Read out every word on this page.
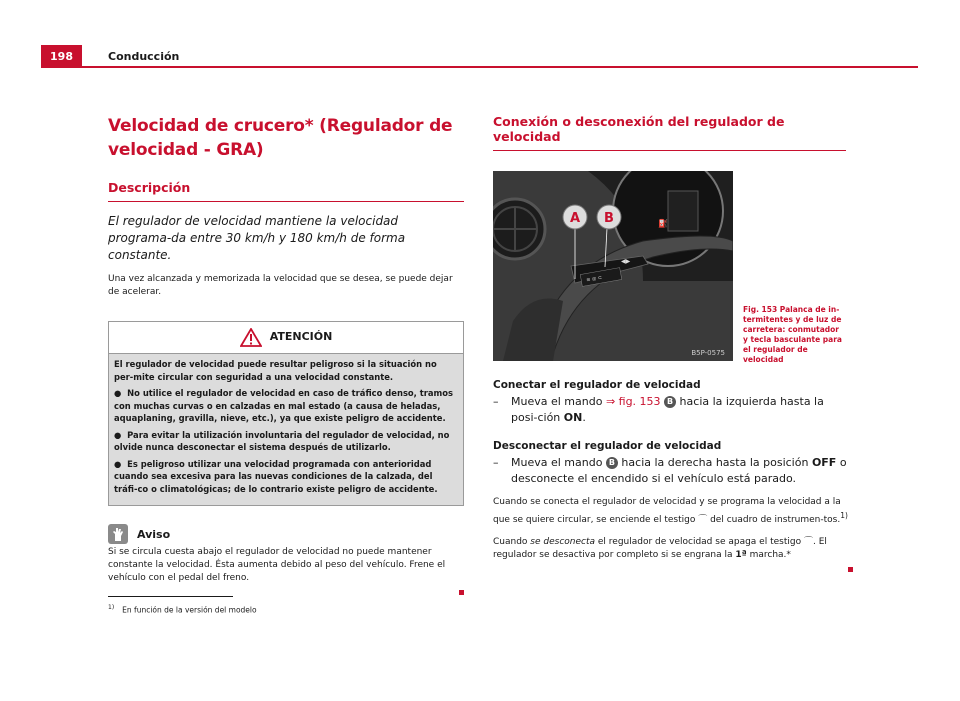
198	Conducción
Velocidad de crucero* (Regulador de velocidad - GRA)
Descripción
El regulador de velocidad mantiene la velocidad programa-da entre 30 km/h y 180 km/h de forma constante.
Una vez alcanzada y memorizada la velocidad que se desea, se puede dejar de acelerar.
ATENCIÓN

El regulador de velocidad puede resultar peligroso si la situación no per-mite circular con seguridad a una velocidad constante.

●  No utilice el regulador de velocidad en caso de tráfico denso, tramos con muchas curvas o en calzadas en mal estado (a causa de heladas, aquaplaning, gravilla, nieve, etc.), ya que existe peligro de accidente.

●  Para evitar la utilización involuntaria del regulador de velocidad, no olvide nunca desconectar el sistema después de utilizarlo.

●  Es peligroso utilizar una velocidad programada con anterioridad cuando sea excesiva para las nuevas condiciones de la calzada, del tráfi-co o climatológicas; de lo contrario existe peligro de accidente.

Aviso
Si se circula cuesta abajo el regulador de velocidad no puede mantener constante la velocidad. Ésta aumenta debido al peso del vehículo. Frene el vehículo con el pedal del freno.
Conexión o desconexión del regulador de velocidad
⛽
≋ ◎ ⊂
◀▶
A B
B5P-0575
Fig. 153 Palanca de in-termitentes y de luz de carretera: conmutador y tecla basculante para el regulador de velocidad
Conectar el regulador de velocidad
–	Mueva el mando ⇒ fig. 153 B hacia la izquierda hasta la posi-ción ON.
Desconectar el regulador de velocidad
–	Mueva el mando B hacia la derecha hasta la posición OFF o desconecte el encendido si el vehículo está parado.
Cuando se conecta el regulador de velocidad y se programa la velocidad a la que se quiere circular, se enciende el testigo ⌒ del cuadro de instrumen-tos.$^{1)}$
Cuando se desconecta el regulador de velocidad se apaga el testigo ⌒. El regulador se desactiva por completo si se engrana la 1ª marcha.*
$^{1)}$ En función de la versión del modelo
